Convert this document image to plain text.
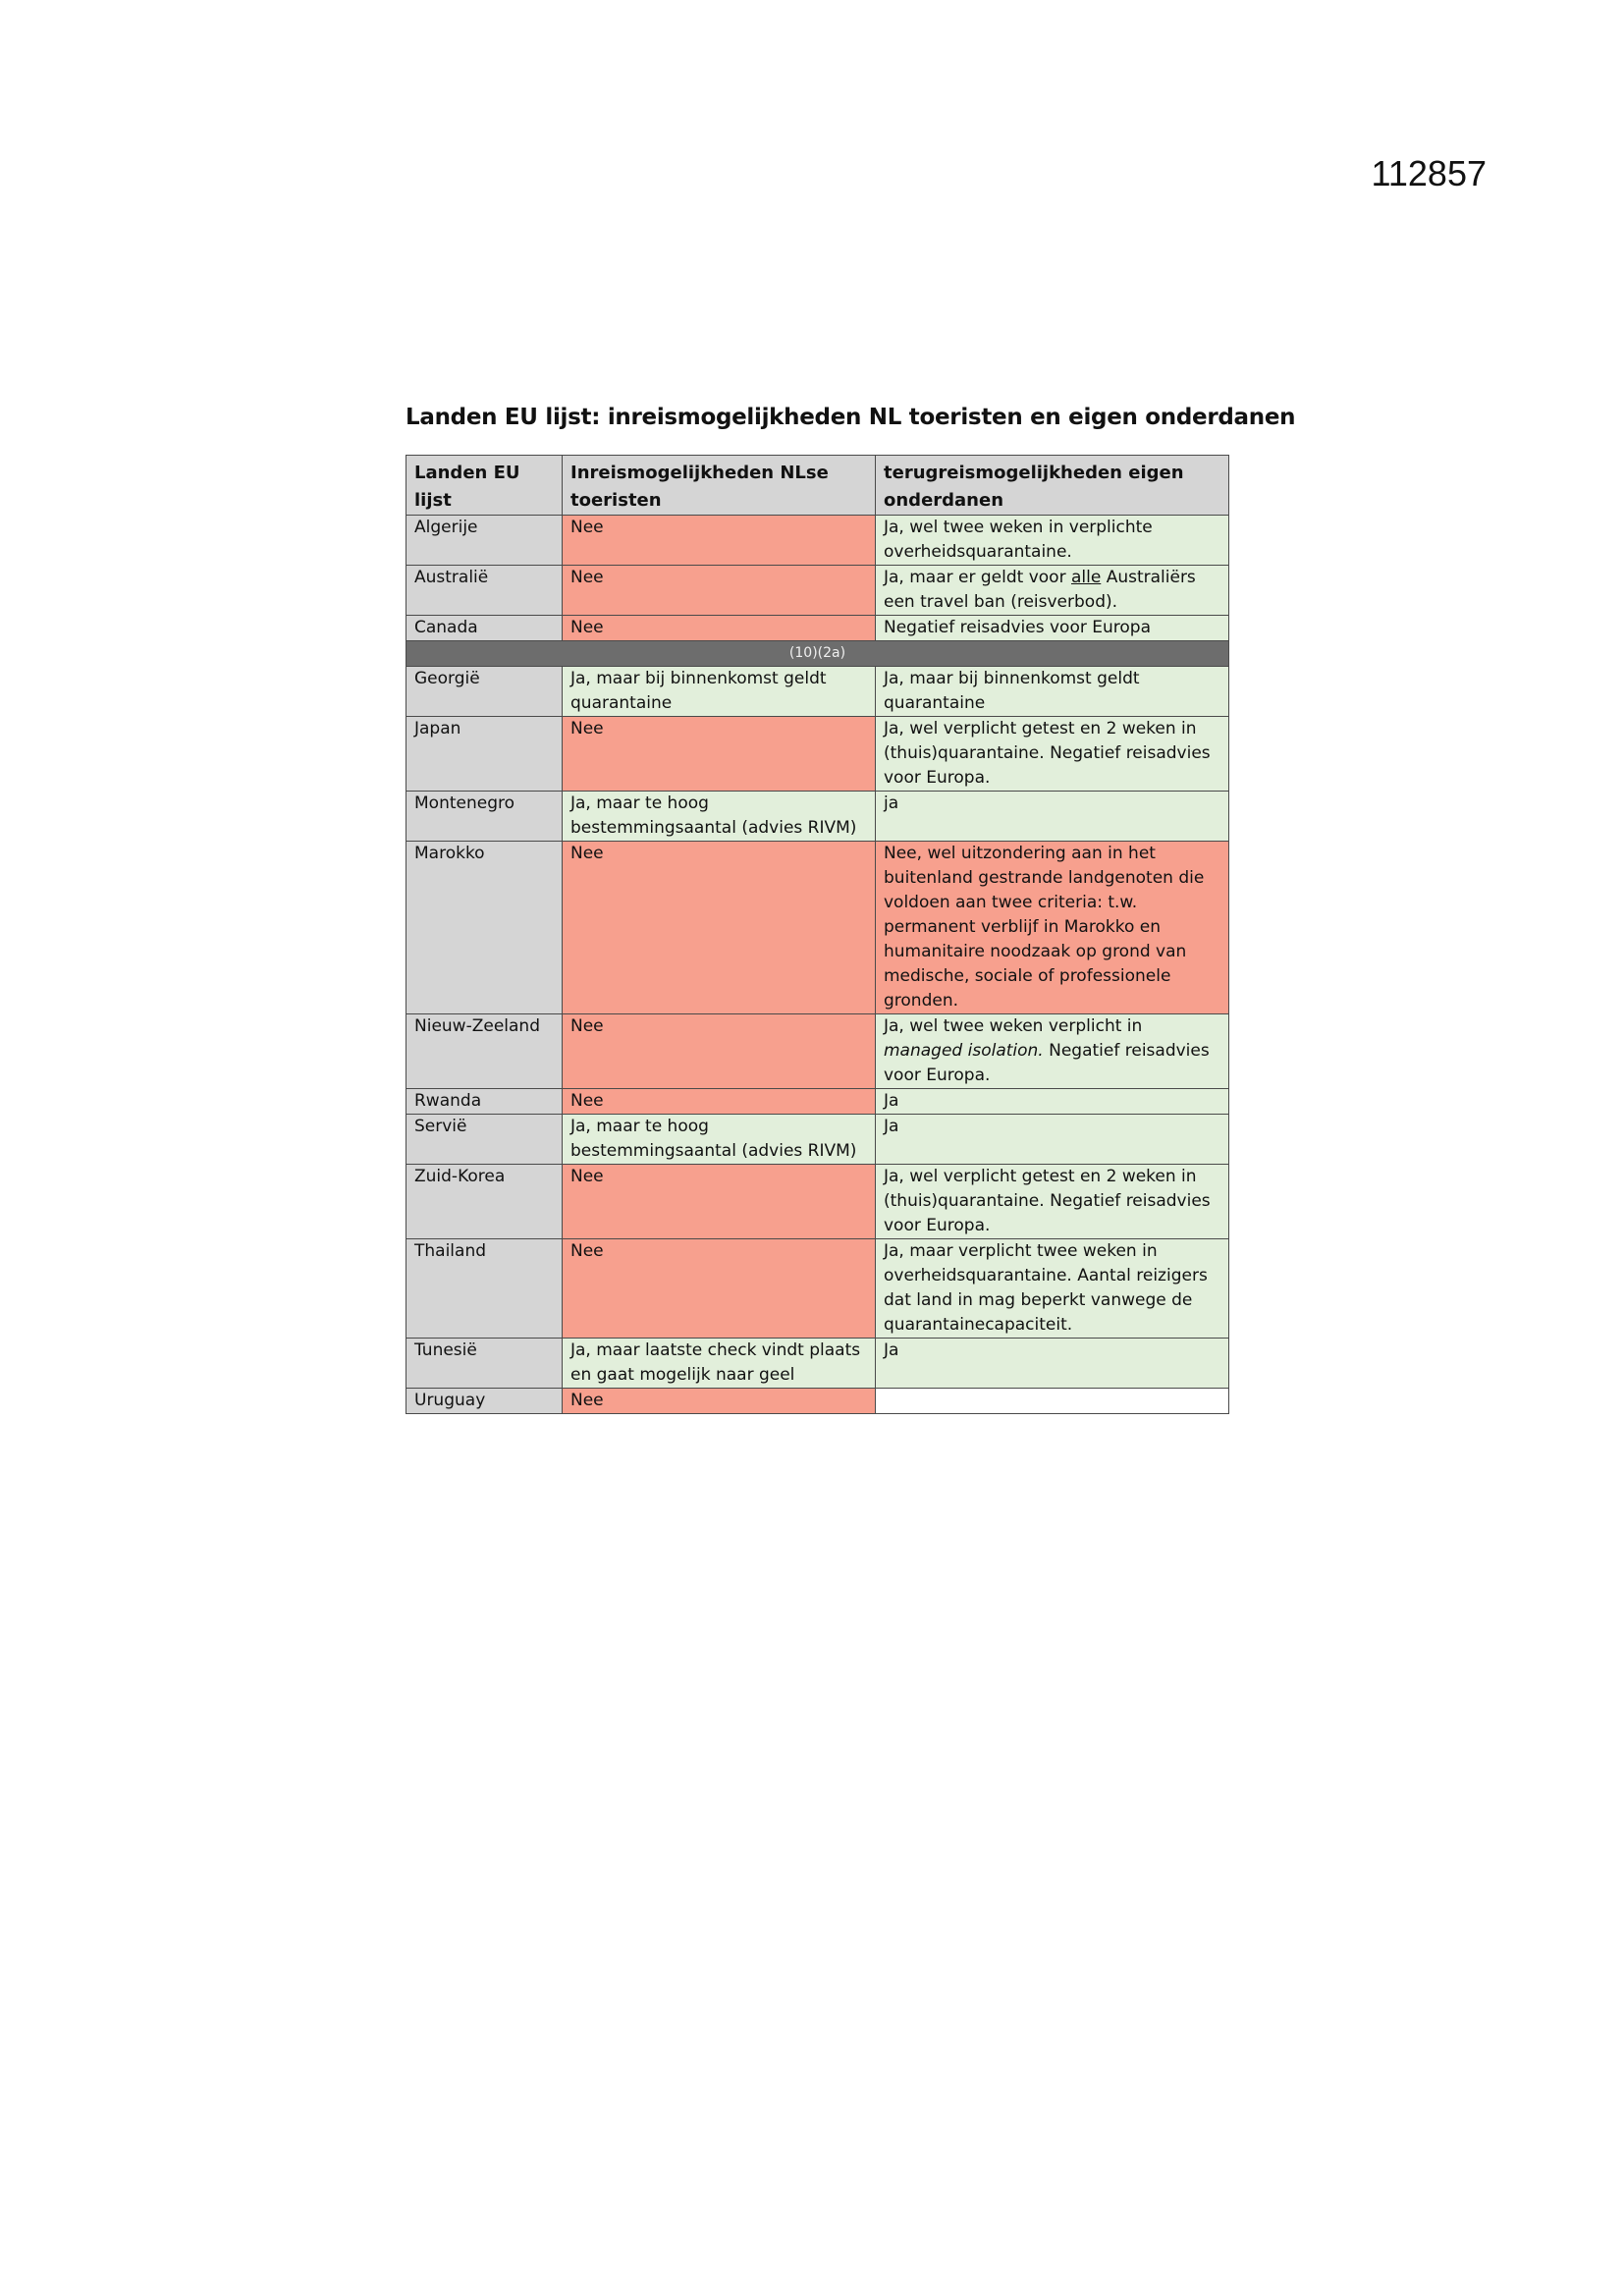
112857
Landen EU lijst: inreismogelijkheden NL toeristen en eigen onderdanen
Landen EU lijst	Inreismogelijkheden NLse toeristen	terugreismogelijkheden eigen onderdanen
Algerije	Nee	Ja, wel twee weken in verplichte overheidsquarantaine.
Australië	Nee	Ja, maar er geldt voor alle Australiërs een travel ban (reisverbod).
Canada	Nee	Negatief reisadvies voor Europa
(10)(2a)		
Georgië	Ja, maar bij binnenkomst geldt quarantaine	Ja, maar bij binnenkomst geldt quarantaine
Japan	Nee	Ja, wel verplicht getest en 2 weken in (thuis)quarantaine. Negatief reisadvies voor Europa.
Montenegro	Ja, maar te hoog bestemmingsaantal (advies RIVM)	ja
Marokko	Nee	Nee, wel uitzondering aan in het buitenland gestrande landgenoten die voldoen aan twee criteria: t.w. permanent verblijf in Marokko en humanitaire noodzaak op grond van medische, sociale of professionele gronden.
Nieuw-Zeeland	Nee	Ja, wel twee weken verplicht in managed isolation. Negatief reisadvies voor Europa.
Rwanda	Nee	Ja
Servië	Ja, maar te hoog bestemmingsaantal (advies RIVM)	Ja
Zuid-Korea	Nee	Ja, wel verplicht getest en 2 weken in (thuis)quarantaine. Negatief reisadvies voor Europa.
Thailand	Nee	Ja, maar verplicht twee weken in overheidsquarantaine. Aantal reizigers dat land in mag beperkt vanwege de quarantainecapaciteit.
Tunesië	Ja, maar laatste check vindt plaats en gaat mogelijk naar geel	Ja
Uruguay	Nee	
